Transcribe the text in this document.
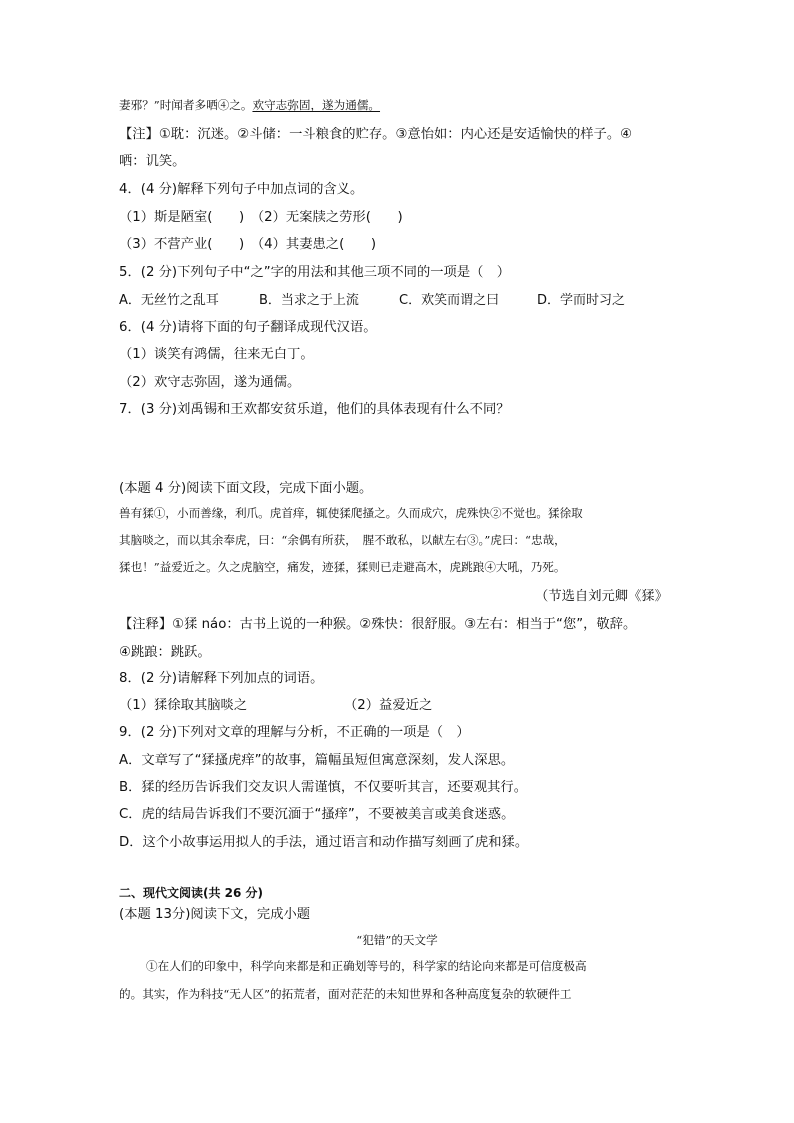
妻邪？”时闻者多哂④之。欢守志弥固，遂为通儒。
【注】①耽：沉迷。②斗储：一斗粮食的贮存。③意怡如：内心还是安适愉快的样子。④
哂：讥笑。
4．(4 分)解释下列句子中加点词的含义。
（1）斯是陋室(　　)　（2）无案牍之劳形(　　)
（3）不营产业(　　)　（4）其妻患之(　　)
5．(2 分)下列句子中“之”字的用法和其他三项不同的一项是（　）
A．无丝竹之乱耳	B．当求之于上流	C．欢笑而谓之曰	D．学而时习之
6．(4 分)请将下面的句子翻译成现代汉语。
（1）谈笑有鸿儒，往来无白丁。
（2）欢守志弥固，遂为通儒。
7．(3 分)刘禹锡和王欢都安贫乐道，他们的具体表现有什么不同？
(本题 4 分)阅读下面文段，完成下面小题。
兽有猱①，小而善缘，利爪。虎首痒，辄使猱爬搔之。久而成穴，虎殊快②不觉也。猱徐取
其脑啖之，而以其余奉虎，曰：“余偶有所获，　腥不敢私，以献左右③。”虎曰：“忠哉，
猱也！”益爱近之。久之虎脑空，痛发，迹猱，猱则已走避高木，虎跳踉④大吼，乃死。
（节选自刘元卿《猱》
【注释】①猱 náo：古书上说的一种猴。②殊快：很舒服。③左右：相当于“您”，敬辞。
④跳踉：跳跃。
8．(2 分)请解释下列加点的词语。
（1）猱徐取其脑啖之	（2）益爱近之
9．(2 分)下列对文章的理解与分析，不正确的一项是（　）
A．文章写了“猱搔虎痒”的故事，篇幅虽短但寓意深刻，发人深思。
B．猱的经历告诉我们交友识人需谨慎，不仅要听其言，还要观其行。
C．虎的结局告诉我们不要沉湎于“搔痒”，不要被美言或美食迷惑。
D．这个小故事运用拟人的手法，通过语言和动作描写刻画了虎和猱。
二、现代文阅读(共 26 分)
(本题 13分)阅读下文，完成小题
“犯错”的天文学
①在人们的印象中，科学向来都是和正确划等号的，科学家的结论向来都是可信度极高
的。其实，作为科技“无人区”的拓荒者，面对茫茫的未知世界和各种高度复杂的软硬件工
